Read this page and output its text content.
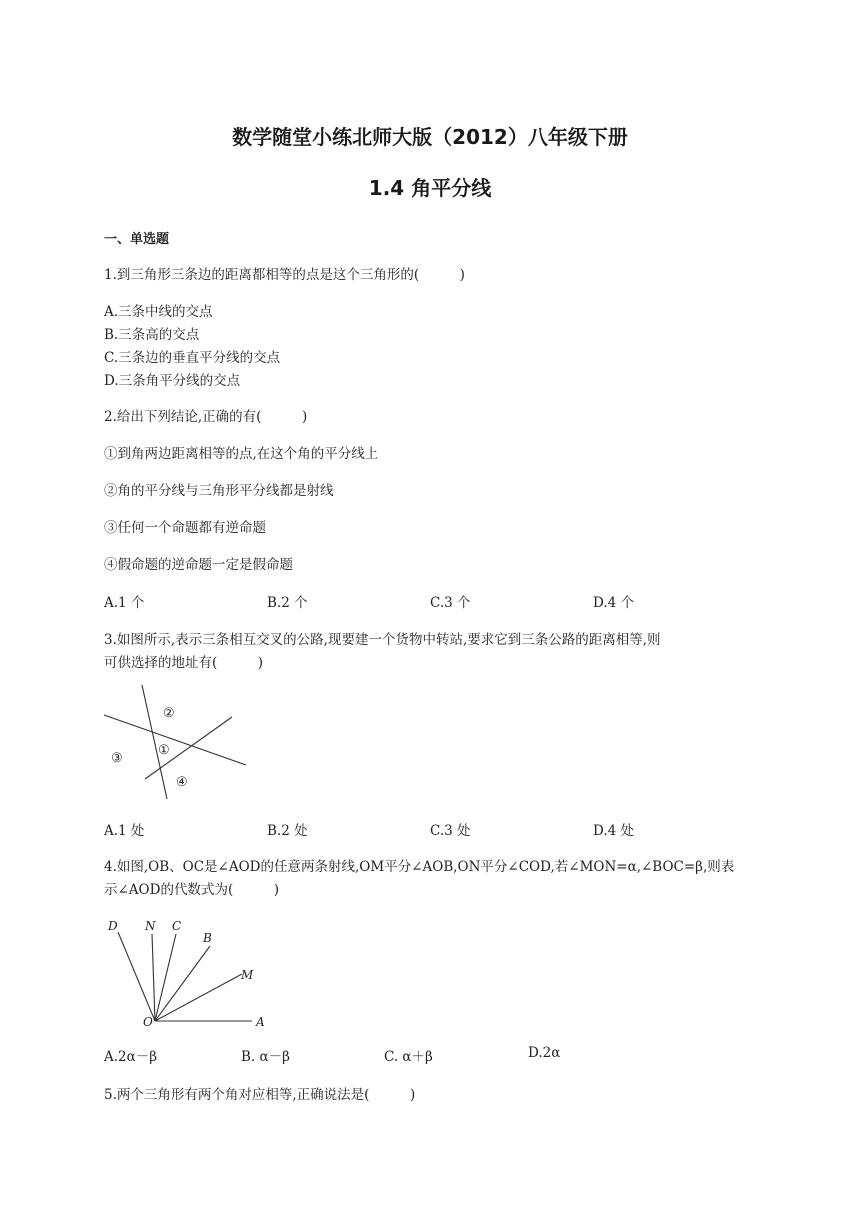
数学随堂小练北师大版（2012）八年级下册
1.4 角平分线
一、单选题
1.到三角形三条边的距离都相等的点是这个三角形的(　　　)
A.三条中线的交点
B.三条高的交点
C.三条边的垂直平分线的交点
D.三条角平分线的交点
2.给出下列结论,正确的有(　　　)
①到角两边距离相等的点,在这个角的平分线上
②角的平分线与三角形平分线都是射线
③任何一个命题都有逆命题
④假命题的逆命题一定是假命题
A.1 个	B.2 个	C.3 个	D.4 个
3.如图所示,表示三条相互交叉的公路,现要建一个货物中转站,要求它到三条公路的距离相等,则
可供选择的地址有(　　　)
②
①
③
④
A.1 处	B.2 处	C.3 处	D.4 处
4.如图,OB、OC是∠AOD的任意两条射线,OM平分∠AOB,ON平分∠COD,若∠MON=α,∠BOC=β,则表
示∠AOD的代数式为(　　　)
D N C
B
M
O	A
A.2α－β	B. α－β	C. α＋β	D.2α
5.两个三角形有两个角对应相等,正确说法是(　　　)
